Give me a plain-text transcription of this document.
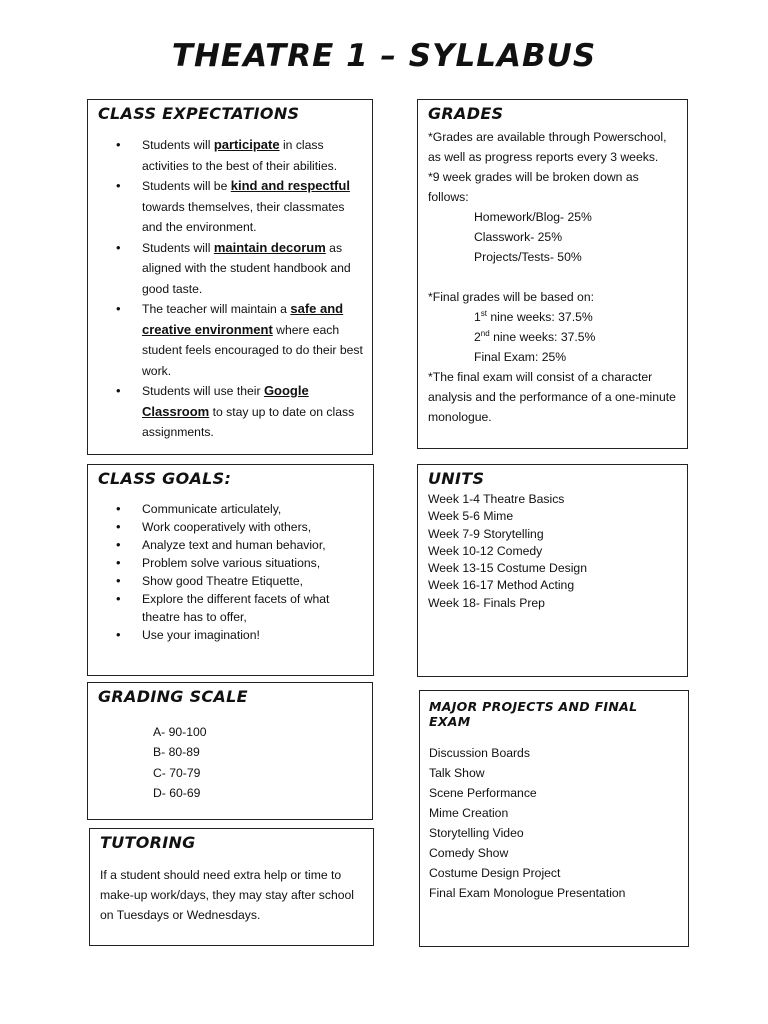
THEATRE 1 – SYLLABUS
CLASS EXPECTATIONS
• Students will participate in class activities to the best of their abilities.
• Students will be kind and respectful towards themselves, their classmates and the environment.
• Students will maintain decorum as aligned with the student handbook and good taste.
• The teacher will maintain a safe and creative environment where each student feels encouraged to do their best work.
• Students will use their Google Classroom to stay up to date on class assignments.
GRADES
*Grades are available through Powerschool, as well as progress reports every 3 weeks.
*9 week grades will be broken down as follows:
Homework/Blog- 25%
Classwork- 25%
Projects/Tests- 50%
*Final grades will be based on:
1st nine weeks: 37.5%
2nd nine weeks: 37.5%
Final Exam: 25%
*The final exam will consist of a character analysis and the performance of a one-minute monologue.
CLASS GOALS:
• Communicate articulately,
• Work cooperatively with others,
• Analyze text and human behavior,
• Problem solve various situations,
• Show good Theatre Etiquette,
• Explore the different facets of what theatre has to offer,
• Use your imagination!
UNITS
Week 1-4 Theatre Basics
Week 5-6 Mime
Week 7-9 Storytelling
Week 10-12 Comedy
Week 13-15 Costume Design
Week 16-17 Method Acting
Week 18- Finals Prep
GRADING SCALE
A- 90-100
B- 80-89
C- 70-79
D- 60-69
MAJOR PROJECTS AND FINAL EXAM
Discussion Boards
Talk Show
Scene Performance
Mime Creation
Storytelling Video
Comedy Show
Costume Design Project
Final Exam Monologue Presentation
TUTORING
If a student should need extra help or time to make-up work/days, they may stay after school on Tuesdays or Wednesdays.
